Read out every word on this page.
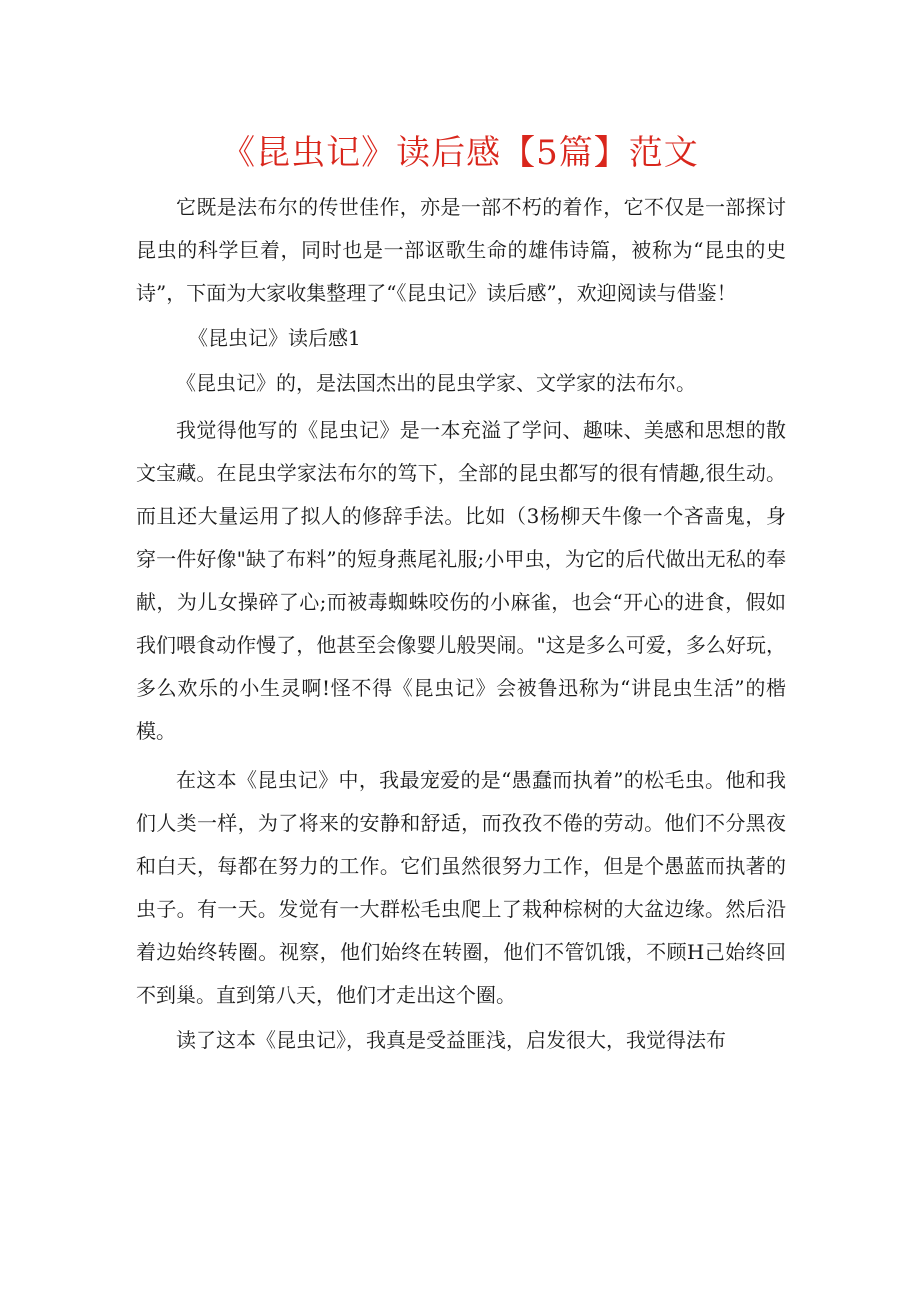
《昆虫记》读后感【5篇】范文

它既是法布尔的传世佳作，亦是一部不朽的着作，它不仅是一部探讨昆虫的科学巨着，同时也是一部讴歌生命的雄伟诗篇，被称为“昆虫的史诗”，下面为大家收集整理了“《昆虫记》读后感”，欢迎阅读与借鉴！

《昆虫记》读后感1

《昆虫记》的，是法国杰出的昆虫学家、文学家的法布尔。

我觉得他写的《昆虫记》是一本充溢了学问、趣味、美感和思想的散文宝藏。在昆虫学家法布尔的笃下，全部的昆虫都写的很有情趣,很生动。而且还大量运用了拟人的修辞手法。比如（3杨柳天牛像一个吝啬鬼，身穿一件好像"缺了布料”的短身燕尾礼服;小甲虫，为它的后代做出无私的奉献，为儿女操碎了心;而被毒蜘蛛咬伤的小麻雀，也会“开心的进食，假如我们喂食动作慢了，他甚至会像婴儿般哭闹。"这是多么可爱，多么好玩，多么欢乐的小生灵啊!怪不得《昆虫记》会被鲁迅称为“讲昆虫生活”的楷模。

在这本《昆虫记》中，我最宠爱的是“愚蠢而执着”的松毛虫。他和我们人类一样，为了将来的安静和舒适，而孜孜不倦的劳动。他们不分黑夜和白天，每都在努力的工作。它们虽然很努力工作，但是个愚蓝而执著的虫子。有一天。发觉有一大群松毛虫爬上了栽种棕树的大盆边缘。然后沿着边始终转圈。视察，他们始终在转圈，他们不管饥饿，不顾H己始终回不到巢。直到第八天，他们才走出这个圈。

读了这本《昆虫记》，我真是受益匪浅，启发很大，我觉得法布
